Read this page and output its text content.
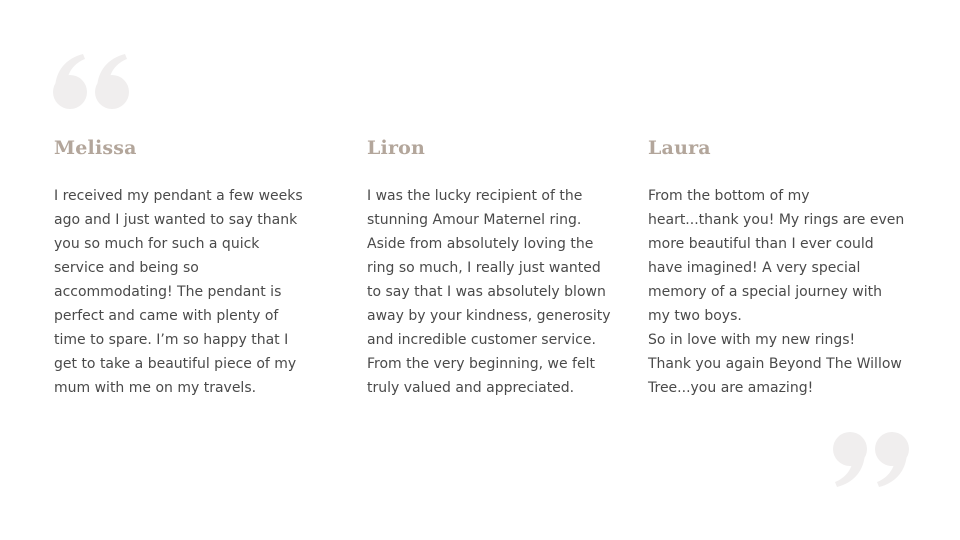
Melissa
I received my pendant a few weeks
ago and I just wanted to say thank
you so much for such a quick
service and being so
accommodating! The pendant is
perfect and came with plenty of
time to spare. I’m so happy that I
get to take a beautiful piece of my
mum with me on my travels.
Liron
I was the lucky recipient of the
stunning Amour Maternel ring.
Aside from absolutely loving the
ring so much, I really just wanted
to say that I was absolutely blown
away by your kindness, generosity
and incredible customer service.
From the very beginning, we felt
truly valued and appreciated.
Laura
From the bottom of my
heart...thank you! My rings are even
more beautiful than I ever could
have imagined! A very special
memory of a special journey with
my two boys.
So in love with my new rings!
Thank you again Beyond The Willow
Tree...you are amazing!
